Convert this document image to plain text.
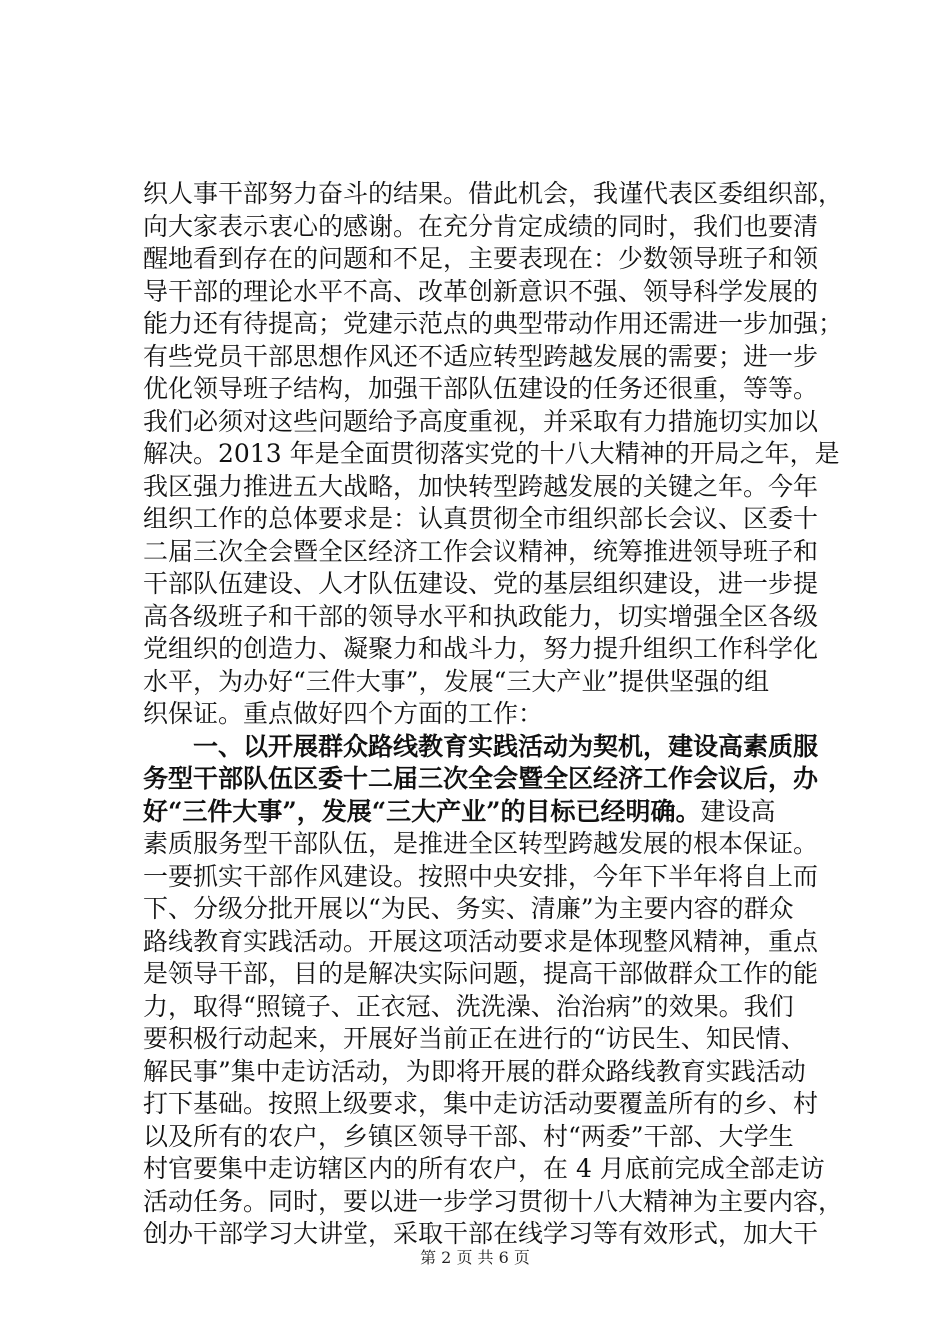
织人事干部努力奋斗的结果。借此机会，我谨代表区委组织部，
向大家表示衷心的感谢。在充分肯定成绩的同时，我们也要清
醒地看到存在的问题和不足，主要表现在：少数领导班子和领
导干部的理论水平不高、改革创新意识不强、领导科学发展的
能力还有待提高；党建示范点的典型带动作用还需进一步加强；
有些党员干部思想作风还不适应转型跨越发展的需要；进一步
优化领导班子结构，加强干部队伍建设的任务还很重，等等。
我们必须对这些问题给予高度重视，并采取有力措施切实加以
解决。2013 年是全面贯彻落实党的十八大精神的开局之年，是
我区强力推进五大战略，加快转型跨越发展的关键之年。今年
组织工作的总体要求是：认真贯彻全市组织部长会议、区委十
二届三次全会暨全区经济工作会议精神，统筹推进领导班子和
干部队伍建设、人才队伍建设、党的基层组织建设，进一步提
高各级班子和干部的领导水平和执政能力，切实增强全区各级
党组织的创造力、凝聚力和战斗力，努力提升组织工作科学化
水平，为办好“三件大事”，发展“三大产业”提供坚强的组
织保证。重点做好四个方面的工作：
一、以开展群众路线教育实践活动为契机，建设高素质服
务型干部队伍区委十二届三次全会暨全区经济工作会议后，办
好“三件大事”，发展“三大产业”的目标已经明确。建设高
素质服务型干部队伍，是推进全区转型跨越发展的根本保证。
一要抓实干部作风建设。按照中央安排，今年下半年将自上而
下、分级分批开展以“为民、务实、清廉”为主要内容的群众
路线教育实践活动。开展这项活动要求是体现整风精神，重点
是领导干部，目的是解决实际问题，提高干部做群众工作的能
力，取得“照镜子、正衣冠、洗洗澡、治治病”的效果。我们
要积极行动起来，开展好当前正在进行的“访民生、知民情、
解民事”集中走访活动，为即将开展的群众路线教育实践活动
打下基础。按照上级要求，集中走访活动要覆盖所有的乡、村
以及所有的农户，乡镇区领导干部、村“两委”干部、大学生
村官要集中走访辖区内的所有农户，在 4 月底前完成全部走访
活动任务。同时，要以进一步学习贯彻十八大精神为主要内容，
创办干部学习大讲堂，采取干部在线学习等有效形式，加大干
第 2 页 共 6 页
